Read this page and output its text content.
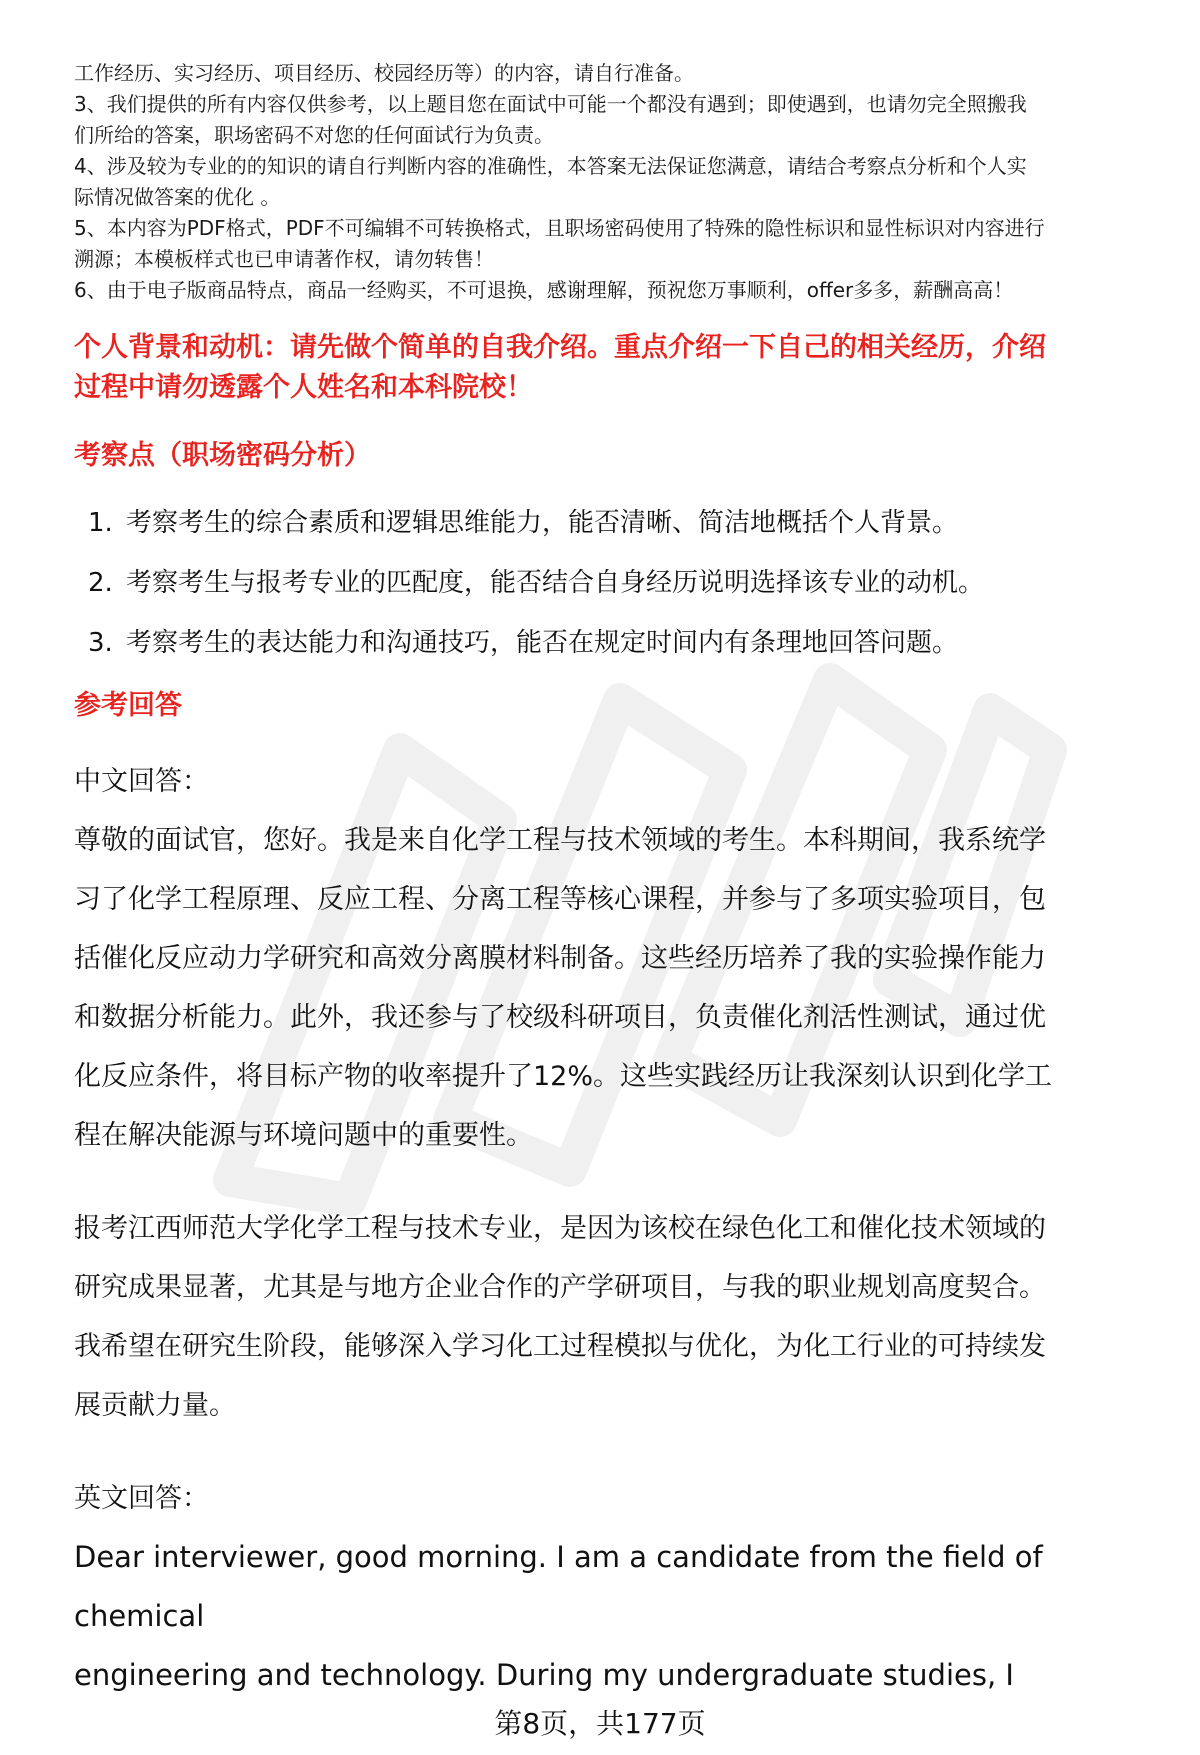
工作经历、实习经历、项目经历、校园经历等）的内容，请自行准备。

3、我们提供的所有内容仅供参考，以上题目您在面试中可能一个都没有遇到；即使遇到，也请勿完全照搬我

们所给的答案，职场密码不对您的任何面试行为负责。

4、涉及较为专业的的知识的请自行判断内容的准确性，本答案无法保证您满意，请结合考察点分析和个人实

际情况做答案的优化 。

5、本内容为PDF格式，PDF不可编辑不可转换格式，且职场密码使用了特殊的隐性标识和显性标识对内容进行

溯源；本模板样式也已申请著作权，请勿转售！

6、由于电子版商品特点，商品一经购买，不可退换，感谢理解，预祝您万事顺利，offer多多，薪酬高高！

个人背景和动机：请先做个简单的自我介绍。重点介绍一下自己的相关经历，介绍

过程中请勿透露个人姓名和本科院校！

考察点（职场密码分析）

1. 考察考生的综合素质和逻辑思维能力，能否清晰、简洁地概括个人背景。
2. 考察考生与报考专业的匹配度，能否结合自身经历说明选择该专业的动机。
3. 考察考生的表达能力和沟通技巧，能否在规定时间内有条理地回答问题。

参考回答

中文回答：

尊敬的面试官，您好。我是来自化学工程与技术领域的考生。本科期间，我系统学

习了化学工程原理、反应工程、分离工程等核心课程，并参与了多项实验项目，包

括催化反应动力学研究和高效分离膜材料制备。这些经历培养了我的实验操作能力

和数据分析能力。此外，我还参与了校级科研项目，负责催化剂活性测试，通过优

化反应条件，将目标产物的收率提升了12%。这些实践经历让我深刻认识到化学工

程在解决能源与环境问题中的重要性。

报考江西师范大学化学工程与技术专业，是因为该校在绿色化工和催化技术领域的

研究成果显著，尤其是与地方企业合作的产学研项目，与我的职业规划高度契合。

我希望在研究生阶段，能够深入学习化工过程模拟与优化，为化工行业的可持续发

展贡献力量。

英文回答：

Dear interviewer, good morning. I am a candidate from the field of chemical

engineering and technology. During my undergraduate studies, I

第8页，共177页
